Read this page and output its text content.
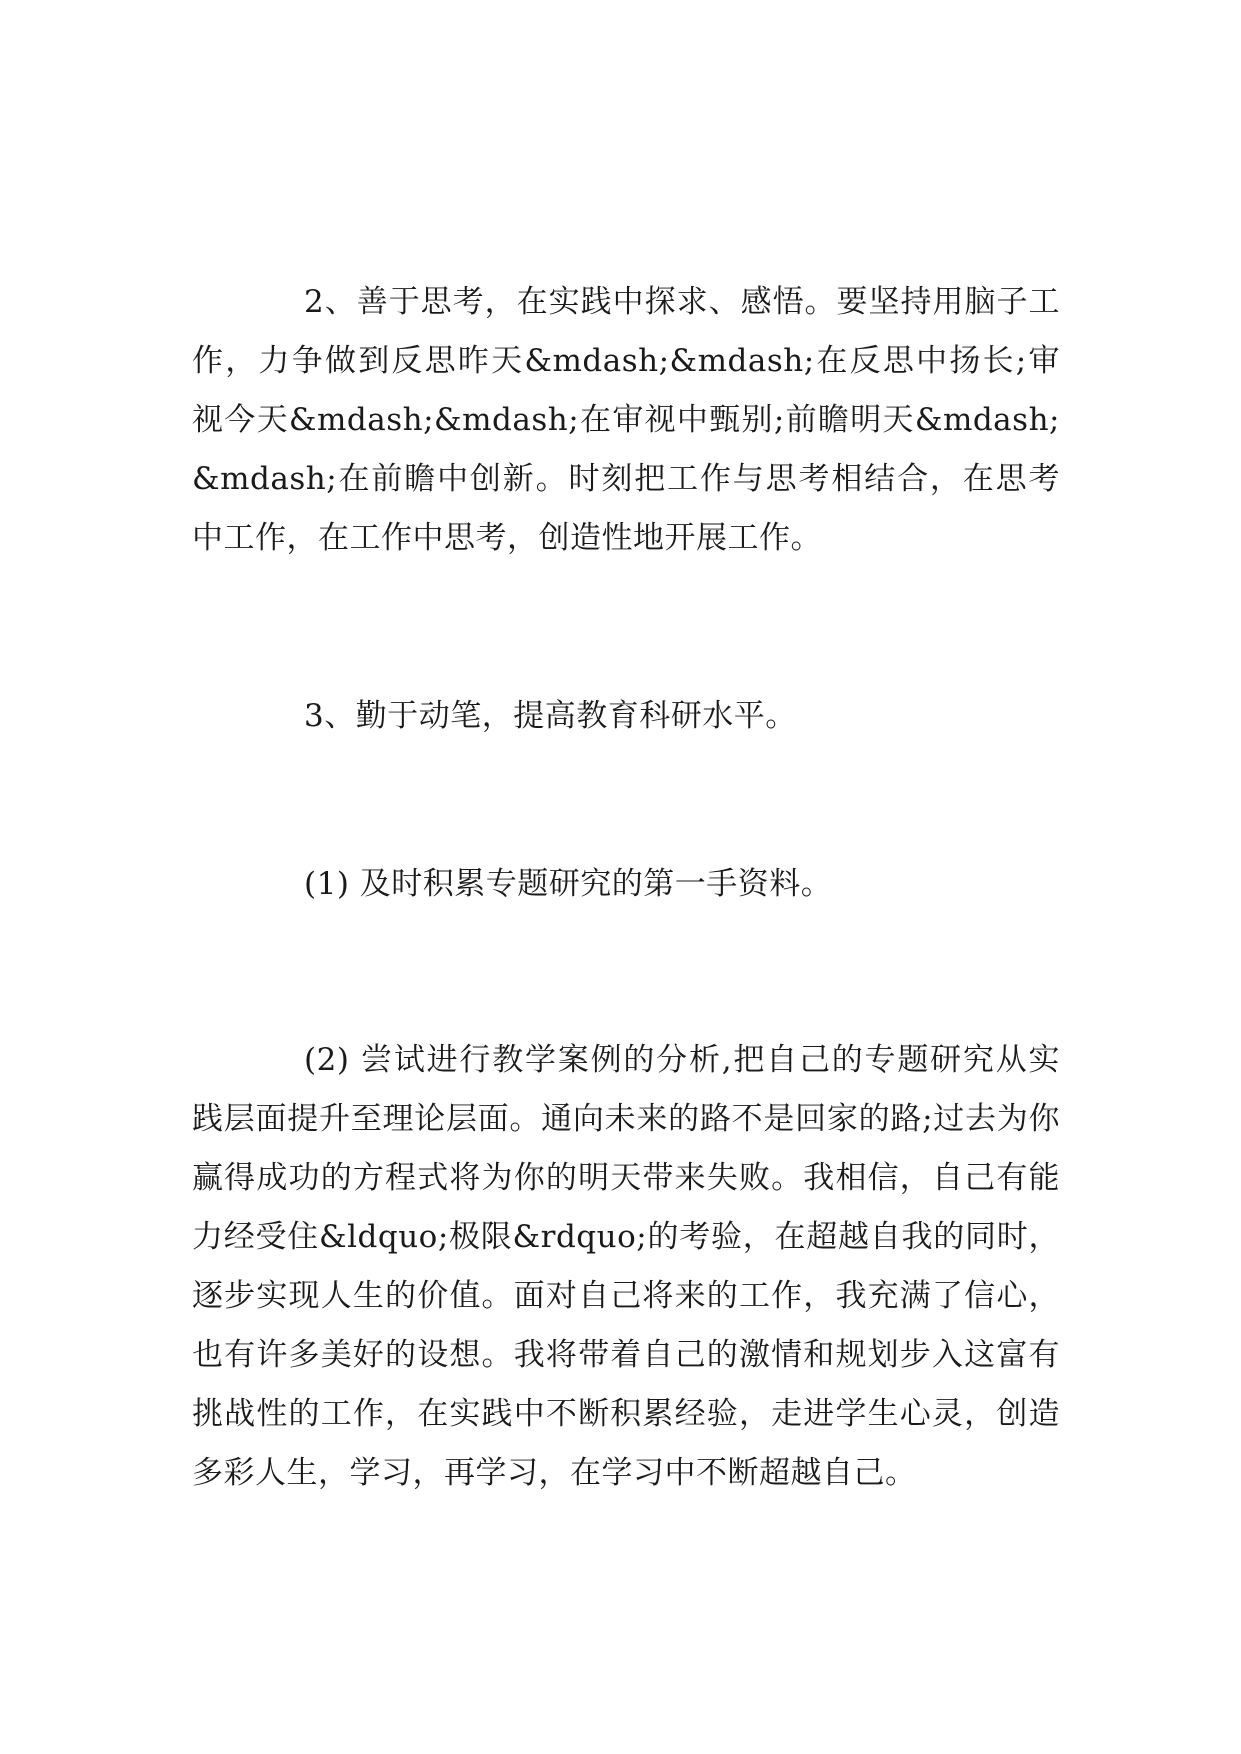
2、善于思考，在实践中探求、感悟。要坚持用脑子工作，力争做到反思昨天&mdash;&mdash;在反思中扬长;审视今天&mdash;&mdash;在审视中甄别;前瞻明天&mdash;&mdash;在前瞻中创新。时刻把工作与思考相结合，在思考中工作，在工作中思考，创造性地开展工作。

3、勤于动笔，提高教育科研水平。

(1) 及时积累专题研究的第一手资料。

(2) 尝试进行教学案例的分析,把自己的专题研究从实践层面提升至理论层面。通向未来的路不是回家的路;过去为你赢得成功的方程式将为你的明天带来失败。我相信，自己有能力经受住&ldquo;极限&rdquo;的考验，在超越自我的同时，逐步实现人生的价值。面对自己将来的工作，我充满了信心，也有许多美好的设想。我将带着自己的激情和规划步入这富有挑战性的工作，在实践中不断积累经验，走进学生心灵，创造多彩人生，学习，再学习，在学习中不断超越自己。
